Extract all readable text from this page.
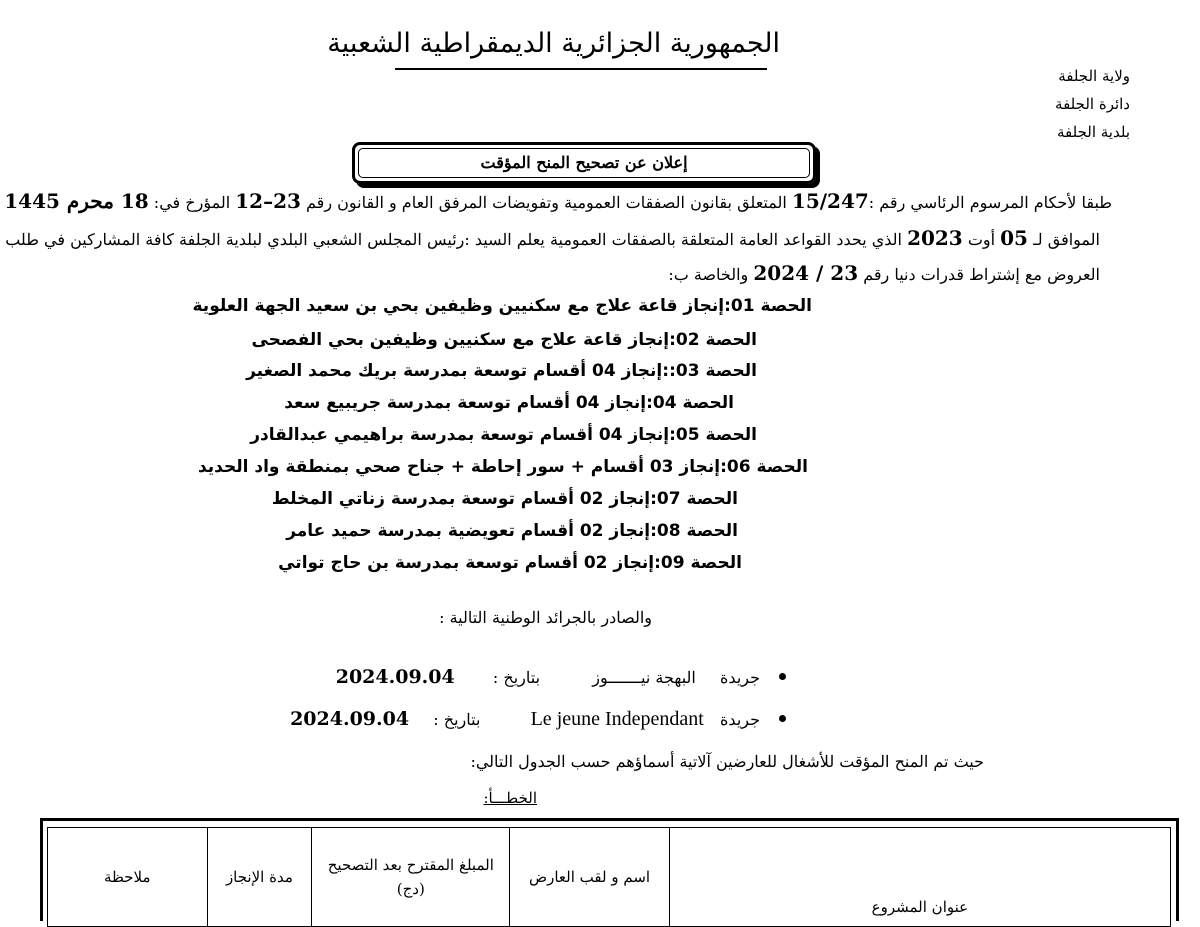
الجمهورية الجزائرية الديمقراطية الشعبية
ولاية الجلفة
دائرة الجلفة
بلدية الجلفة
إعلان عن تصحيح المنح المؤقت
طبقا لأحكام المرسوم الرئاسي رقم :15/247 المتعلق بقانون الصفقات العمومية وتفويضات المرفق العام و القانون رقم 23–12 المؤرخ في: 18 محرم 1445
الموافق لـ 05 أوت 2023 الذي يحدد القواعد العامة المتعلقة بالصفقات العمومية يعلم السيد :رئيس المجلس الشعبي البلدي لبلدية الجلفة كافة المشاركين في طلب
العروض مع إشتراط قدرات دنيا رقم 23 / 2024 والخاصة ب:
الحصة 01:إنجاز قاعة علاج مع سكنيين وظيفين بحي بن سعيد الجهة العلوية
الحصة 02:إنجاز قاعة علاج مع سكنيين وظيفين بحي الفصحى
الحصة 03::إنجاز 04 أقسام توسعة بمدرسة بريك محمد الصغير
الحصة 04:إنجاز 04 أقسام توسعة بمدرسة جريبيع سعد
الحصة 05:إنجاز 04 أقسام توسعة بمدرسة براهيمي عبدالقادر
الحصة 06:إنجاز 03 أقسام + سور إحاطة + جناح صحي بمنطقة واد الحديد
الحصة 07:إنجاز 02 أقسام توسعة بمدرسة زناتي المخلط
الحصة 08:إنجاز 02 أقسام تعويضية بمدرسة حميد عامر
الحصة 09:إنجاز 02 أقسام توسعة بمدرسة بن حاج تواتي
والصادر بالجرائد الوطنية التالية :
جريدة  البهجة نيـــــــوز  بتاريخ :  2024.09.04
جريدة  Le jeune Independant  بتاريخ :  2024.09.04
حيث تم المنح المؤقت للأشغال للعارضين آلاتية أسماؤهم حسب الجدول التالي:
الخطـــأ:
عنوان المشروع	اسم و لقب العارض	المبلغ المقترح بعد التصحيح (دج)	مدة الإنجاز	ملاحظة
